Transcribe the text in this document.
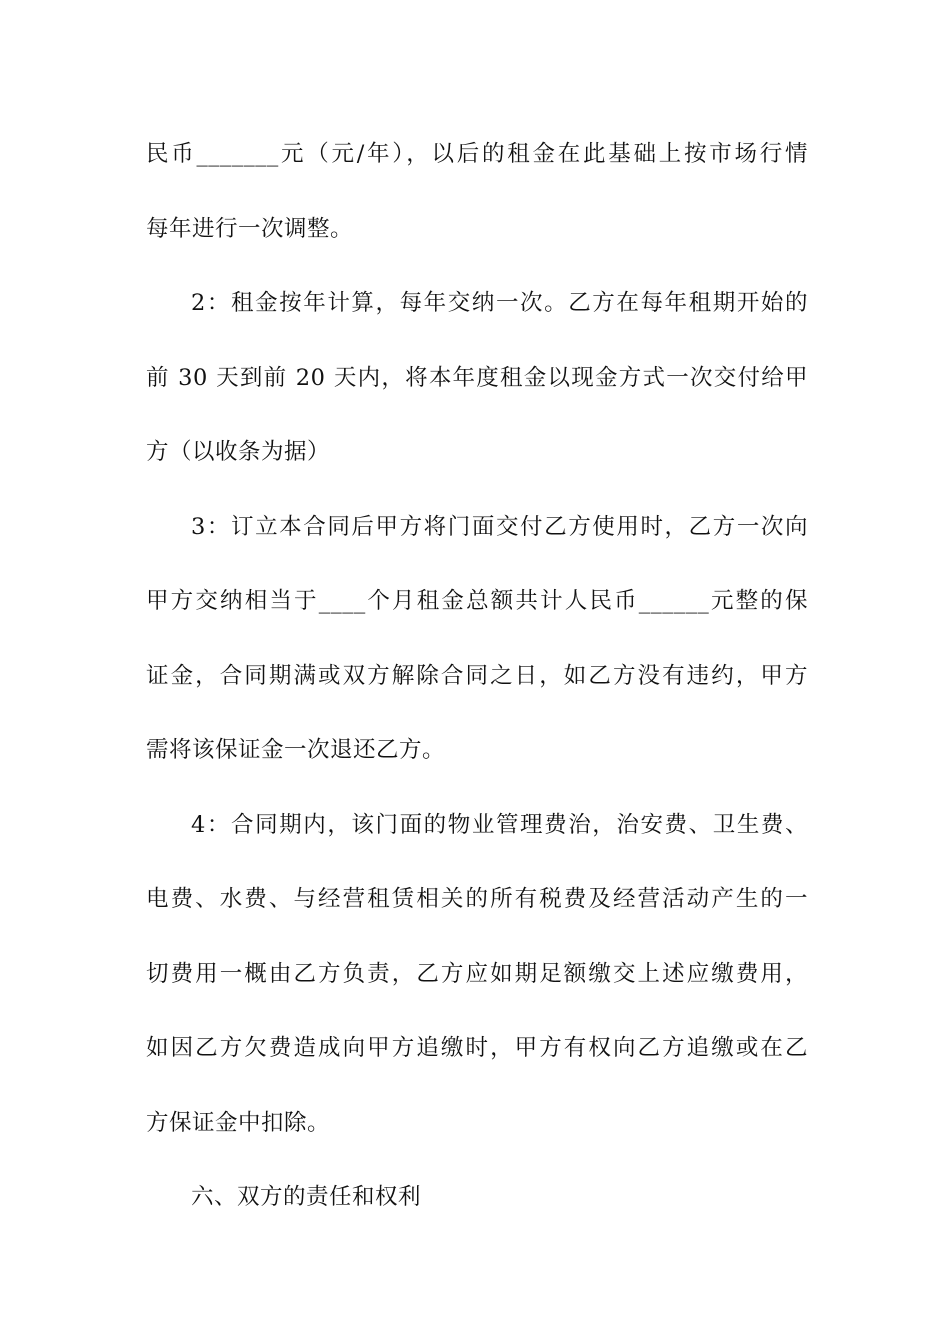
民币_______元（元/年），以后的租金在此基础上按市场行情
每年进行一次调整。
2：租金按年计算，每年交纳一次。乙方在每年租期开始的
前 30 天到前 20 天内，将本年度租金以现金方式一次交付给甲
方（以收条为据）
3：订立本合同后甲方将门面交付乙方使用时，乙方一次向
甲方交纳相当于____个月租金总额共计人民币______元整的保
证金，合同期满或双方解除合同之日，如乙方没有违约，甲方
需将该保证金一次退还乙方。
4：合同期内，该门面的物业管理费治，治安费、卫生费、
电费、水费、与经营租赁相关的所有税费及经营活动产生的一
切费用一概由乙方负责，乙方应如期足额缴交上述应缴费用，
如因乙方欠费造成向甲方追缴时，甲方有权向乙方追缴或在乙
方保证金中扣除。
六、双方的责任和权利
